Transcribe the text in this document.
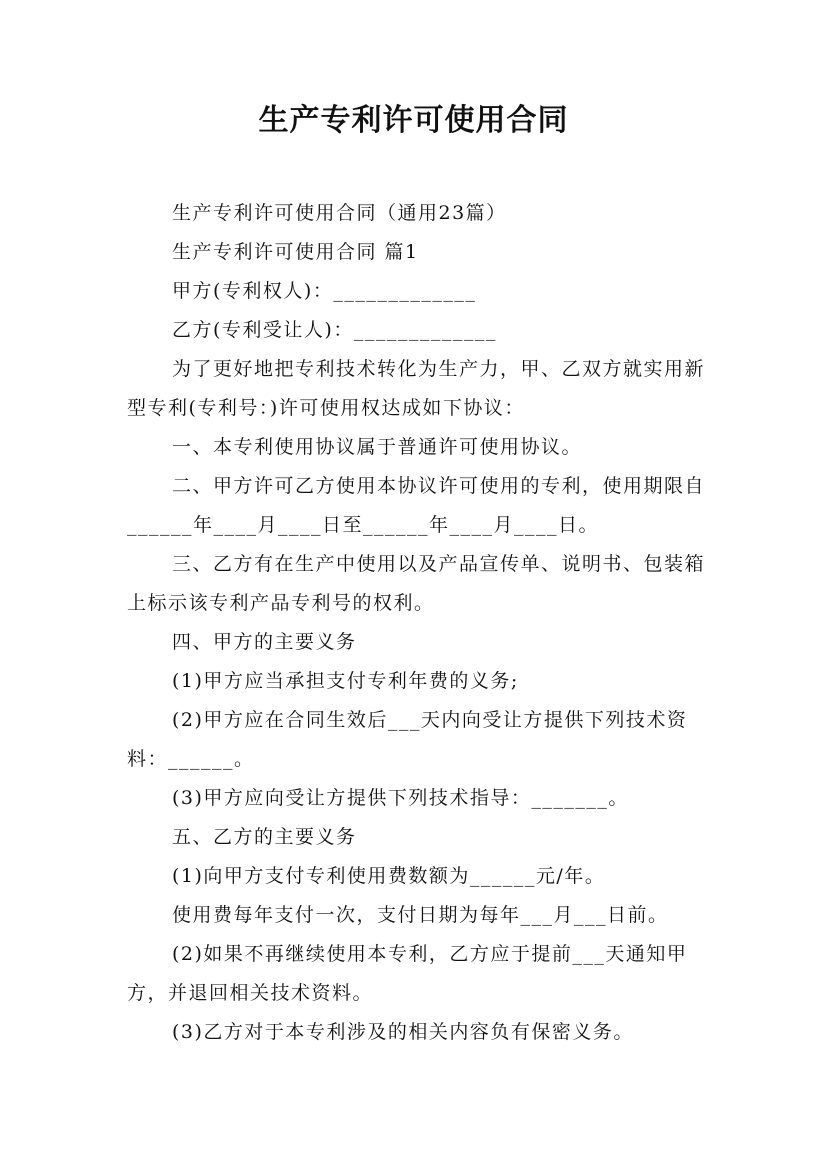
生产专利许可使用合同

生产专利许可使用合同（通用23篇）

生产专利许可使用合同 篇1

甲方(专利权人)：_____________

乙方(专利受让人)：_____________

为了更好地把专利技术转化为生产力，甲、乙双方就实用新型专利(专利号：)许可使用权达成如下协议：

一、本专利使用协议属于普通许可使用协议。

二、甲方许可乙方使用本协议许可使用的专利，使用期限自______年____月____日至______年____月____日。

三、乙方有在生产中使用以及产品宣传单、说明书、包装箱上标示该专利产品专利号的权利。

四、甲方的主要义务

(1)甲方应当承担支付专利年费的义务;

(2)甲方应在合同生效后___天内向受让方提供下列技术资料：______。

(3)甲方应向受让方提供下列技术指导：_______。

五、乙方的主要义务

(1)向甲方支付专利使用费数额为______元/年。

使用费每年支付一次，支付日期为每年___月___日前。

(2)如果不再继续使用本专利，乙方应于提前___天通知甲方，并退回相关技术资料。

(3)乙方对于本专利涉及的相关内容负有保密义务。
